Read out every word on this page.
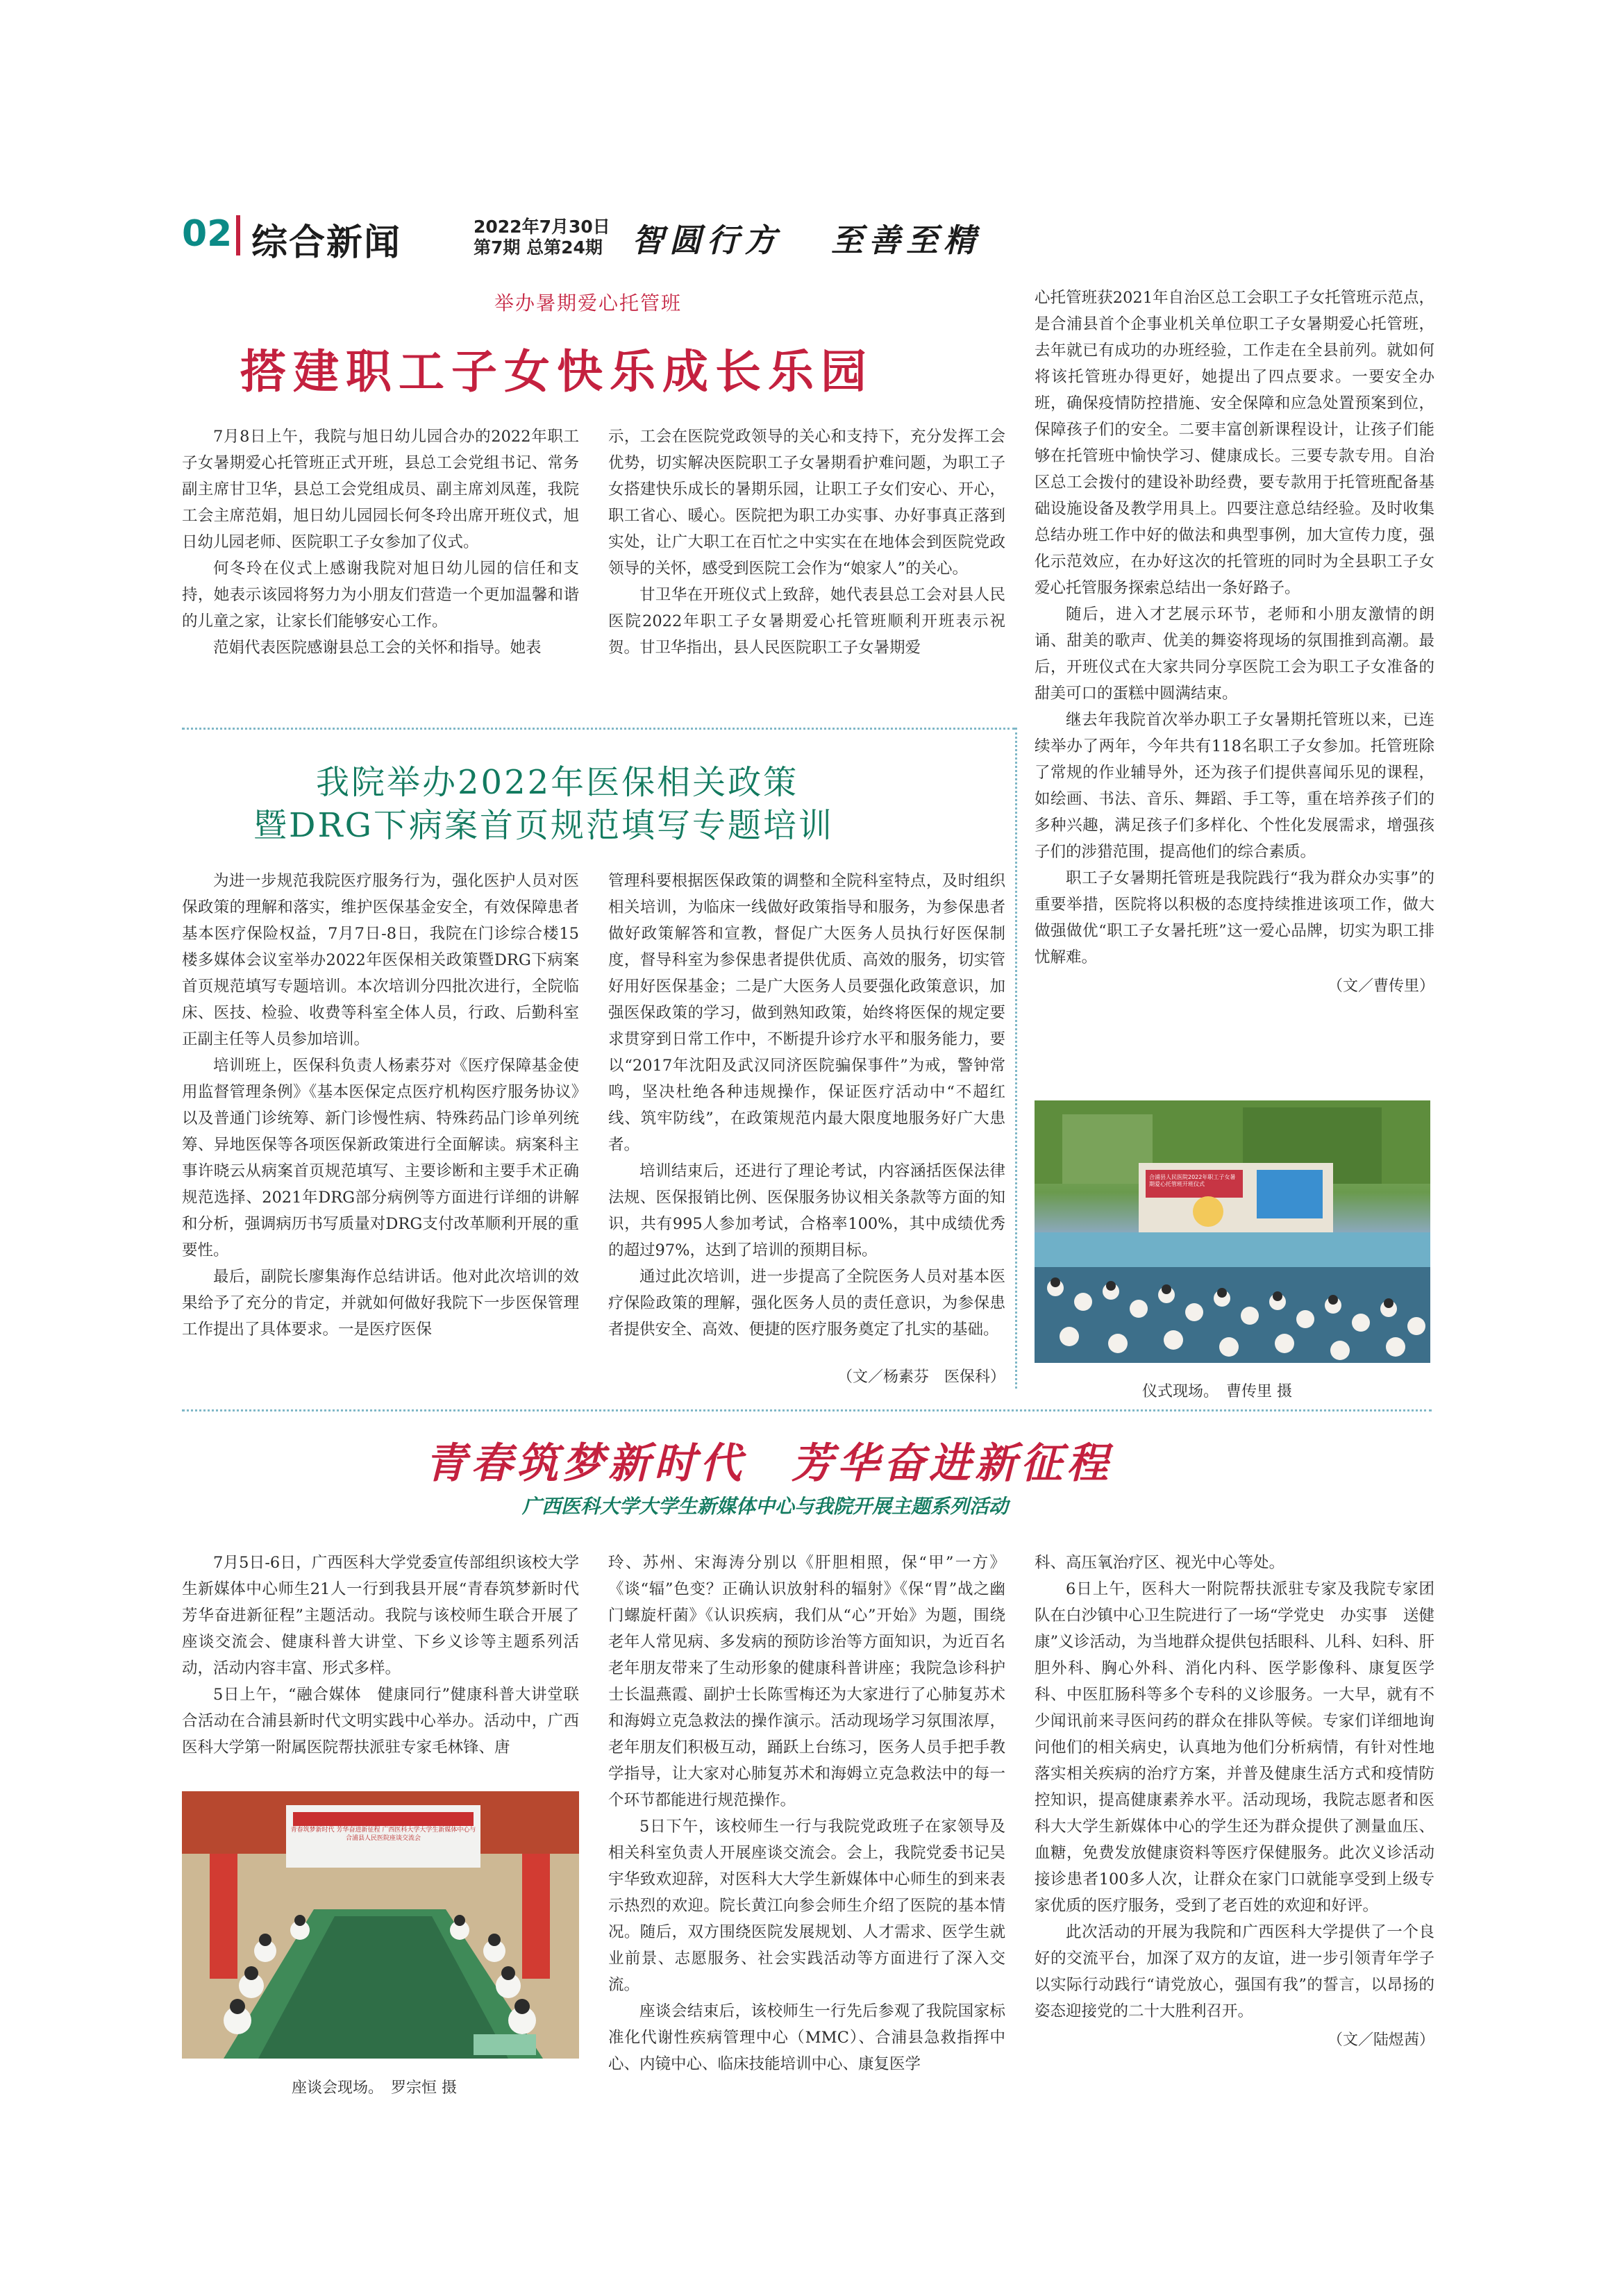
02 综合新闻	2022年7月30日
第7期 总第24期 智圆行方 至善至精
举办暑期爱心托管班
搭建职工子女快乐成长乐园

7月8日上午，我院与旭日幼儿园合办的2022年职工子女暑期爱心托管班正式开班，县总工会党组书记、常务副主席甘卫华，县总工会党组成员、副主席刘凤莲，我院工会主席范娟，旭日幼儿园园长何冬玲出席开班仪式，旭日幼儿园老师、医院职工子女参加了仪式。

何冬玲在仪式上感谢我院对旭日幼儿园的信任和支持，她表示该园将努力为小朋友们营造一个更加温馨和谐的儿童之家，让家长们能够安心工作。

范娟代表医院感谢县总工会的关怀和指导。她表

示，工会在医院党政领导的关心和支持下，充分发挥工会优势，切实解决医院职工子女暑期看护难问题，为职工子女搭建快乐成长的暑期乐园，让职工子女们安心、开心，职工省心、暖心。医院把为职工办实事、办好事真正落到实处，让广大职工在百忙之中实实在在地体会到医院党政领导的关怀，感受到医院工会作为“娘家人”的关心。

甘卫华在开班仪式上致辞，她代表县总工会对县人民医院2022年职工子女暑期爱心托管班顺利开班表示祝贺。甘卫华指出，县人民医院职工子女暑期爱

心托管班获2021年自治区总工会职工子女托管班示范点，是合浦县首个企事业机关单位职工子女暑期爱心托管班，去年就已有成功的办班经验，工作走在全县前列。就如何将该托管班办得更好，她提出了四点要求。一要安全办班，确保疫情防控措施、安全保障和应急处置预案到位，保障孩子们的安全。二要丰富创新课程设计，让孩子们能够在托管班中愉快学习、健康成长。三要专款专用。自治区总工会拨付的建设补助经费，要专款用于托管班配备基础设施设备及教学用具上。四要注意总结经验。及时收集总结办班工作中好的做法和典型事例，加大宣传力度，强化示范效应，在办好这次的托管班的同时为全县职工子女爱心托管服务探索总结出一条好路子。

随后，进入才艺展示环节，老师和小朋友激情的朗诵、甜美的歌声、优美的舞姿将现场的氛围推到高潮。最后，开班仪式在大家共同分享医院工会为职工子女准备的甜美可口的蛋糕中圆满结束。

继去年我院首次举办职工子女暑期托管班以来，已连续举办了两年，今年共有118名职工子女参加。托管班除了常规的作业辅导外，还为孩子们提供喜闻乐见的课程，如绘画、书法、音乐、舞蹈、手工等，重在培养孩子们的多种兴趣，满足孩子们多样化、个性化发展需求，增强孩子们的涉猎范围，提高他们的综合素质。

职工子女暑期托管班是我院践行“我为群众办实事”的重要举措，医院将以积极的态度持续推进该项工作，做大做强做优“职工子女暑托班”这一爱心品牌，切实为职工排忧解难。

（文／曹传里）
合浦县人民医院2022年职工子女暑期爱心托管班开班仪式
仪式现场。　曹传里 摄
我院举办2022年医保相关政策
暨DRG下病案首页规范填写专题培训

为进一步规范我院医疗服务行为，强化医护人员对医保政策的理解和落实，维护医保基金安全，有效保障患者基本医疗保险权益，7月7日-8日，我院在门诊综合楼15楼多媒体会议室举办2022年医保相关政策暨DRG下病案首页规范填写专题培训。本次培训分四批次进行，全院临床、医技、检验、收费等科室全体人员，行政、后勤科室正副主任等人员参加培训。

培训班上，医保科负责人杨素芬对《医疗保障基金使用监督管理条例》《基本医保定点医疗机构医疗服务协议》以及普通门诊统筹、新门诊慢性病、特殊药品门诊单列统筹、异地医保等各项医保新政策进行全面解读。病案科主事许晓云从病案首页规范填写、主要诊断和主要手术正确规范选择、2021年DRG部分病例等方面进行详细的讲解和分析，强调病历书写质量对DRG支付改革顺利开展的重要性。

最后，副院长廖集海作总结讲话。他对此次培训的效果给予了充分的肯定，并就如何做好我院下一步医保管理工作提出了具体要求。一是医疗医保

管理科要根据医保政策的调整和全院科室特点，及时组织相关培训，为临床一线做好政策指导和服务，为参保患者做好政策解答和宣教，督促广大医务人员执行好医保制度，督导科室为参保患者提供优质、高效的服务，切实管好用好医保基金；二是广大医务人员要强化政策意识，加强医保政策的学习，做到熟知政策，始终将医保的规定要求贯穿到日常工作中，不断提升诊疗水平和服务能力，要以“2017年沈阳及武汉同济医院骗保事件”为戒，警钟常鸣，坚决杜绝各种违规操作，保证医疗活动中“不超红线、筑牢防线”，在政策规范内最大限度地服务好广大患者。

培训结束后，还进行了理论考试，内容涵括医保法律法规、医保报销比例、医保服务协议相关条款等方面的知识，共有995人参加考试，合格率100%，其中成绩优秀的超过97%，达到了培训的预期目标。

通过此次培训，进一步提高了全院医务人员对基本医疗保险政策的理解，强化医务人员的责任意识，为参保患者提供安全、高效、便捷的医疗服务奠定了扎实的基础。

（文／杨素芬　医保科）
青春筑梦新时代　芳华奋进新征程
广西医科大学大学生新媒体中心与我院开展主题系列活动

7月5日-6日，广西医科大学党委宣传部组织该校大学生新媒体中心师生21人一行到我县开展“青春筑梦新时代　芳华奋进新征程”主题活动。我院与该校师生联合开展了座谈交流会、健康科普大讲堂、下乡义诊等主题系列活动，活动内容丰富、形式多样。

5日上午，“融合媒体　健康同行”健康科普大讲堂联合活动在合浦县新时代文明实践中心举办。活动中，广西医科大学第一附属医院帮扶派驻专家毛林锋、唐

青春筑梦新时代 芳华奋进新征程 广西医科大学大学生新媒体中心与合浦县人民医院座谈交流会
座谈会现场。　罗宗恒 摄

玲、苏州、宋海涛分别以《肝胆相照，保“甲”一方》《谈“辐”色变？正确认识放射科的辐射》《保“胃”战之幽门螺旋杆菌》《认识疾病，我们从“心”开始》为题，围绕老年人常见病、多发病的预防诊治等方面知识，为近百名老年朋友带来了生动形象的健康科普讲座；我院急诊科护士长温燕霞、副护士长陈雪梅还为大家进行了心肺复苏术和海姆立克急救法的操作演示。活动现场学习氛围浓厚，老年朋友们积极互动，踊跃上台练习，医务人员手把手教学指导，让大家对心肺复苏术和海姆立克急救法中的每一个环节都能进行规范操作。

5日下午，该校师生一行与我院党政班子在家领导及相关科室负责人开展座谈交流会。会上，我院党委书记吴宇华致欢迎辞，对医科大大学生新媒体中心师生的到来表示热烈的欢迎。院长黄江向参会师生介绍了医院的基本情况。随后，双方围绕医院发展规划、人才需求、医学生就业前景、志愿服务、社会实践活动等方面进行了深入交流。

座谈会结束后，该校师生一行先后参观了我院国家标准化代谢性疾病管理中心（MMC）、合浦县急救指挥中心、内镜中心、临床技能培训中心、康复医学

科、高压氧治疗区、视光中心等处。

6日上午，医科大一附院帮扶派驻专家及我院专家团队在白沙镇中心卫生院进行了一场“学党史　办实事　送健康”义诊活动，为当地群众提供包括眼科、儿科、妇科、肝胆外科、胸心外科、消化内科、医学影像科、康复医学科、中医肛肠科等多个专科的义诊服务。一大早，就有不少闻讯前来寻医问药的群众在排队等候。专家们详细地询问他们的相关病史，认真地为他们分析病情，有针对性地落实相关疾病的治疗方案，并普及健康生活方式和疫情防控知识，提高健康素养水平。活动现场，我院志愿者和医科大大学生新媒体中心的学生还为群众提供了测量血压、血糖，免费发放健康资料等医疗保健服务。此次义诊活动接诊患者100多人次，让群众在家门口就能享受到上级专家优质的医疗服务，受到了老百姓的欢迎和好评。

此次活动的开展为我院和广西医科大学提供了一个良好的交流平台，加深了双方的友谊，进一步引领青年学子以实际行动践行“请党放心，强国有我”的誓言，以昂扬的姿态迎接党的二十大胜利召开。

（文／陆煜茜）
